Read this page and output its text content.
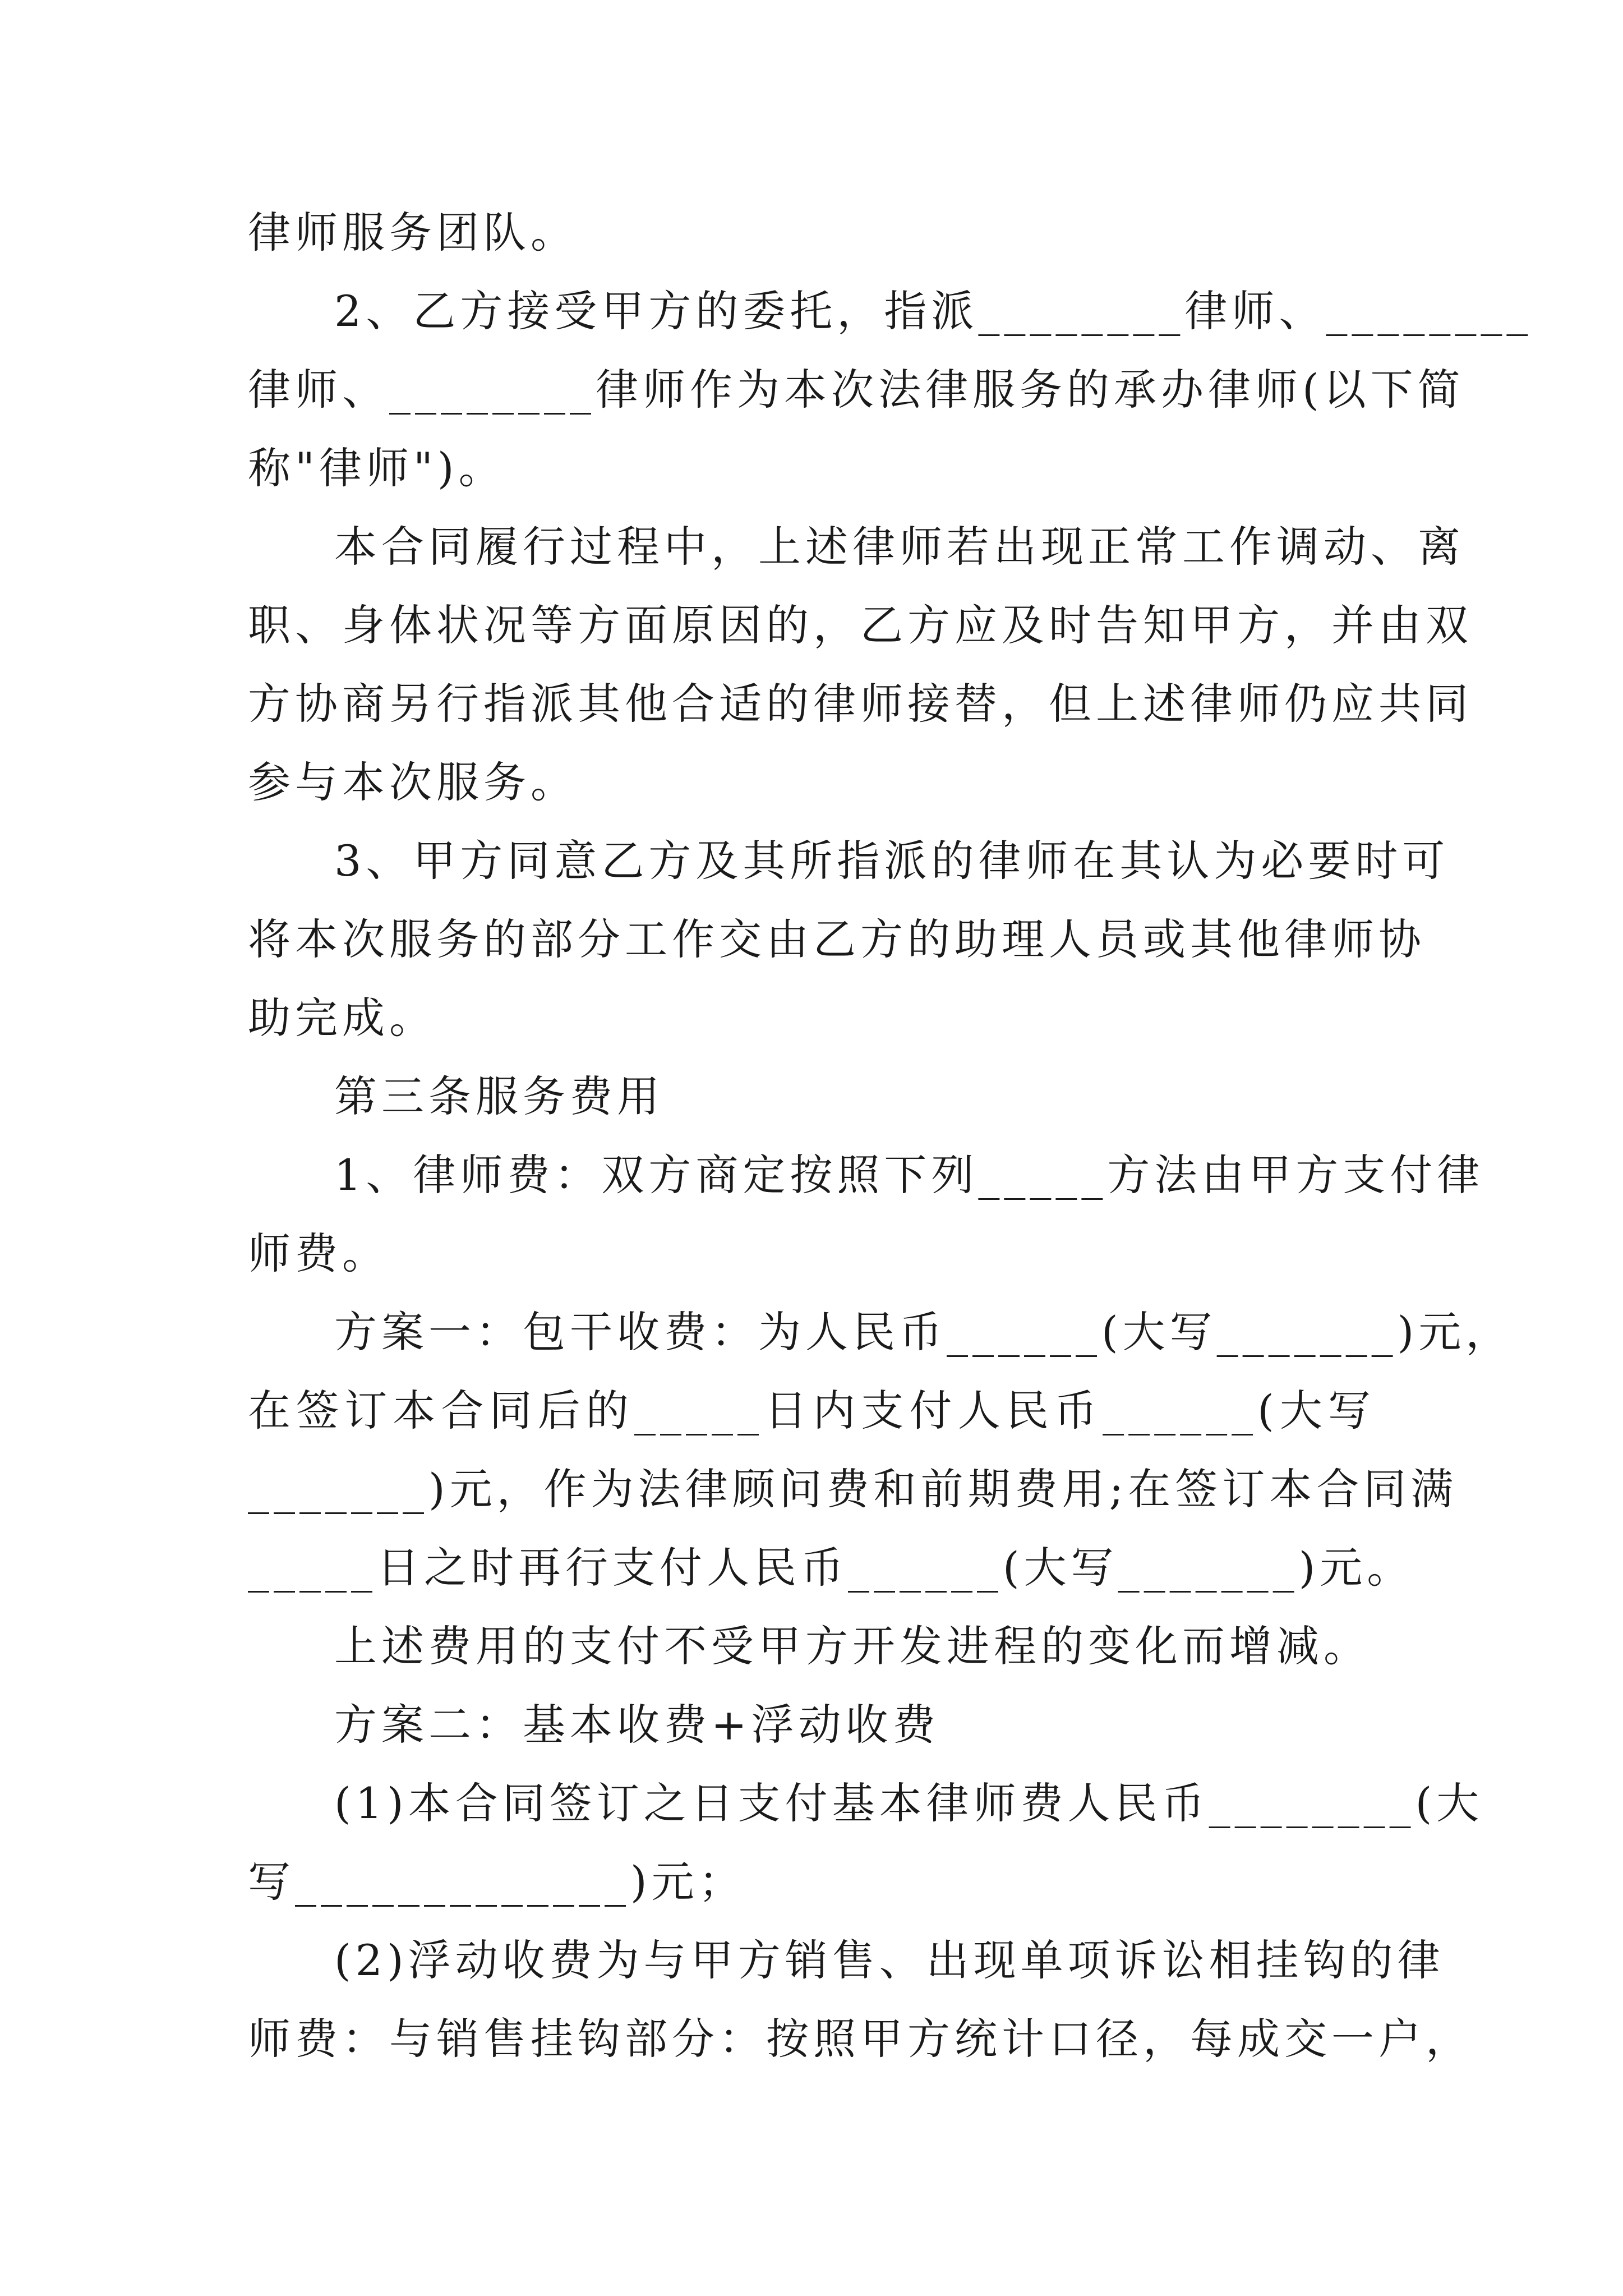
律师服务团队。
2、乙方接受甲方的委托，指派________律师、________
律师、________律师作为本次法律服务的承办律师(以下简
称"律师")。
本合同履行过程中，上述律师若出现正常工作调动、离
职、身体状况等方面原因的，乙方应及时告知甲方，并由双
方协商另行指派其他合适的律师接替，但上述律师仍应共同
参与本次服务。
3、甲方同意乙方及其所指派的律师在其认为必要时可
将本次服务的部分工作交由乙方的助理人员或其他律师协
助完成。
第三条服务费用
1、律师费：双方商定按照下列_____方法由甲方支付律
师费。
方案一：包干收费：为人民币______(大写_______)元，
在签订本合同后的_____日内支付人民币______(大写
_______)元，作为法律顾问费和前期费用;在签订本合同满
_____日之时再行支付人民币______(大写_______)元。
上述费用的支付不受甲方开发进程的变化而增减。
方案二：基本收费+浮动收费
(1)本合同签订之日支付基本律师费人民币________(大
写_____________)元；
(2)浮动收费为与甲方销售、出现单项诉讼相挂钩的律
师费：与销售挂钩部分：按照甲方统计口径，每成交一户，
